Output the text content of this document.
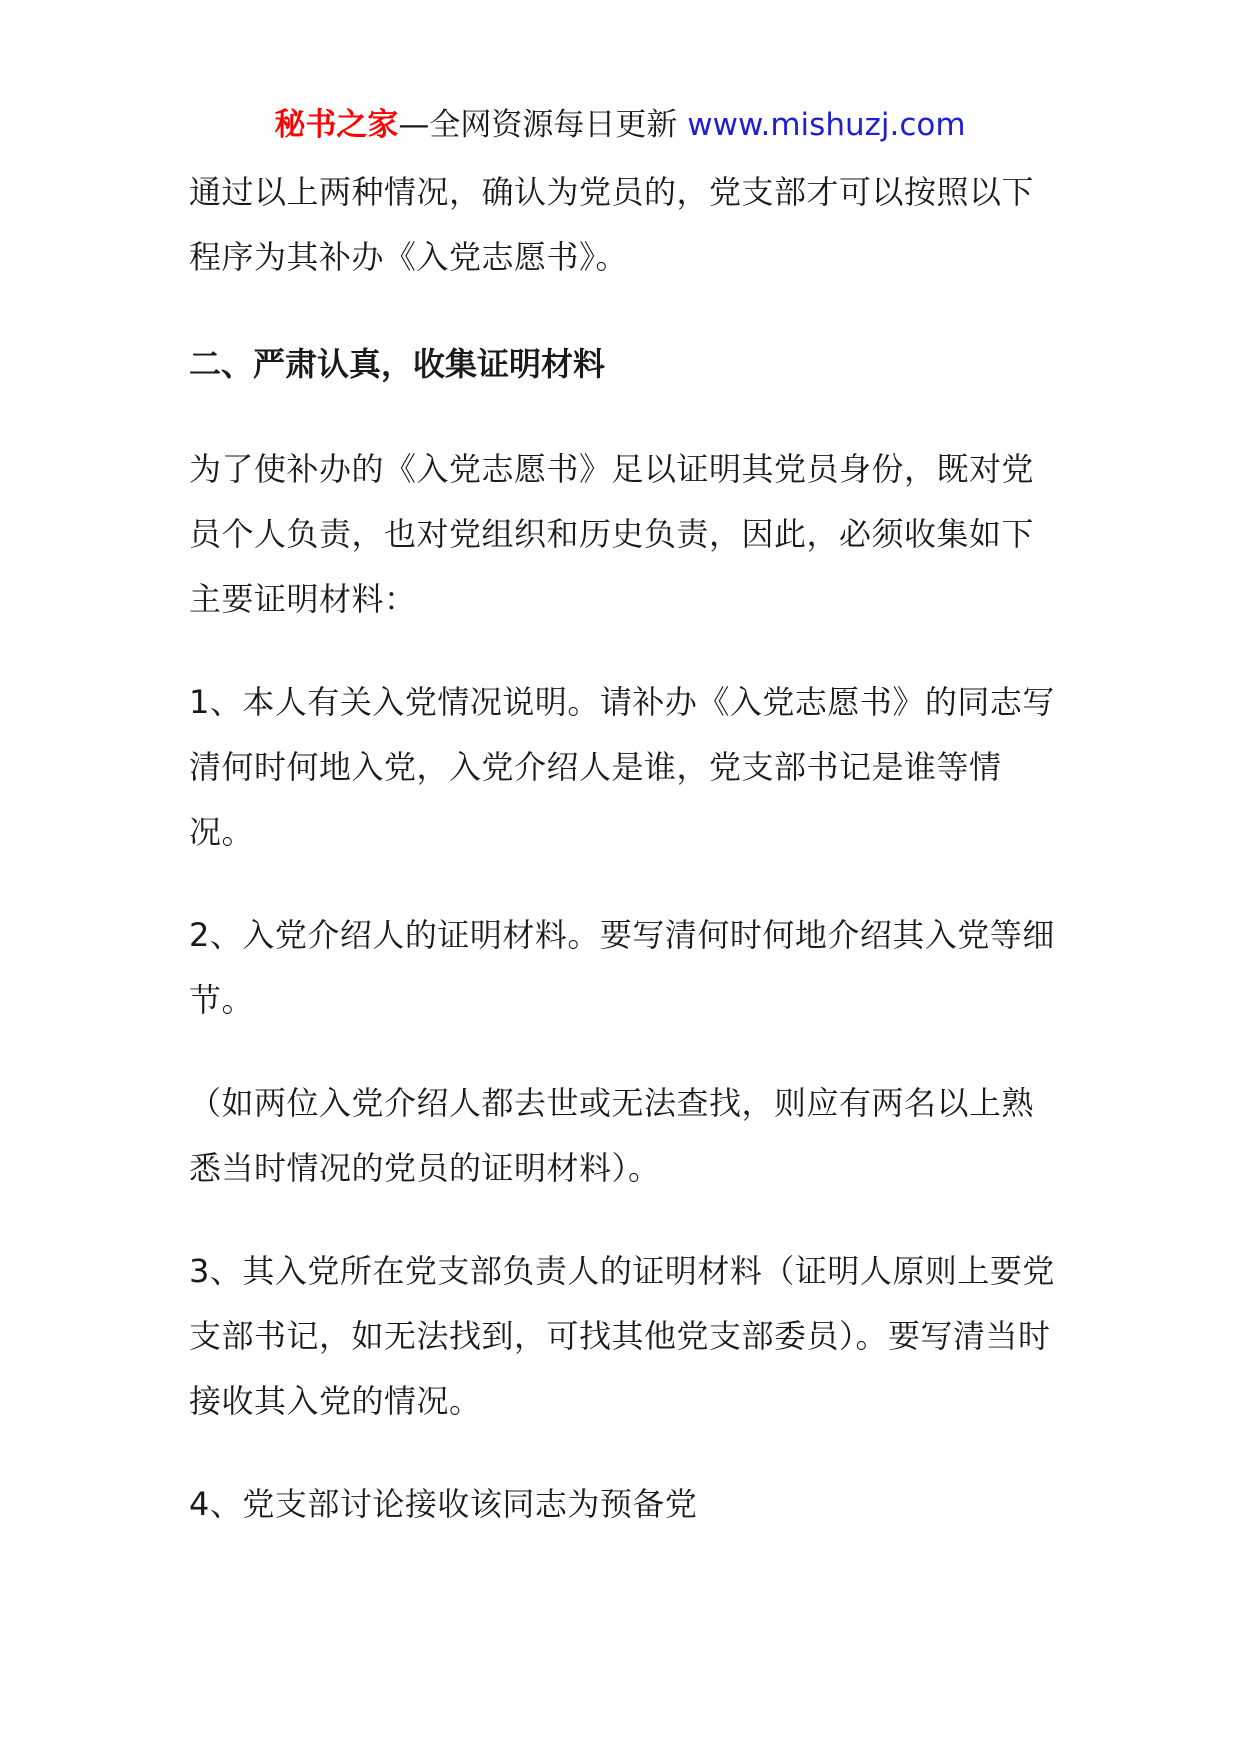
秘书之家—全网资源每日更新 www.mishuzj.com

通过以上两种情况，确认为党员的，党支部才可以按照以下程序为其补办《入党志愿书》。

二、严肃认真，收集证明材料

为了使补办的《入党志愿书》足以证明其党员身份，既对党员个人负责，也对党组织和历史负责，因此，必须收集如下主要证明材料：

1、本人有关入党情况说明。请补办《入党志愿书》的同志写清何时何地入党，入党介绍人是谁，党支部书记是谁等情况。

2、入党介绍人的证明材料。要写清何时何地介绍其入党等细节。

（如两位入党介绍人都去世或无法查找，则应有两名以上熟悉当时情况的党员的证明材料）。

3、其入党所在党支部负责人的证明材料（证明人原则上要党支部书记，如无法找到，可找其他党支部委员）。要写清当时接收其入党的情况。

4、党支部讨论接收该同志为预备党
